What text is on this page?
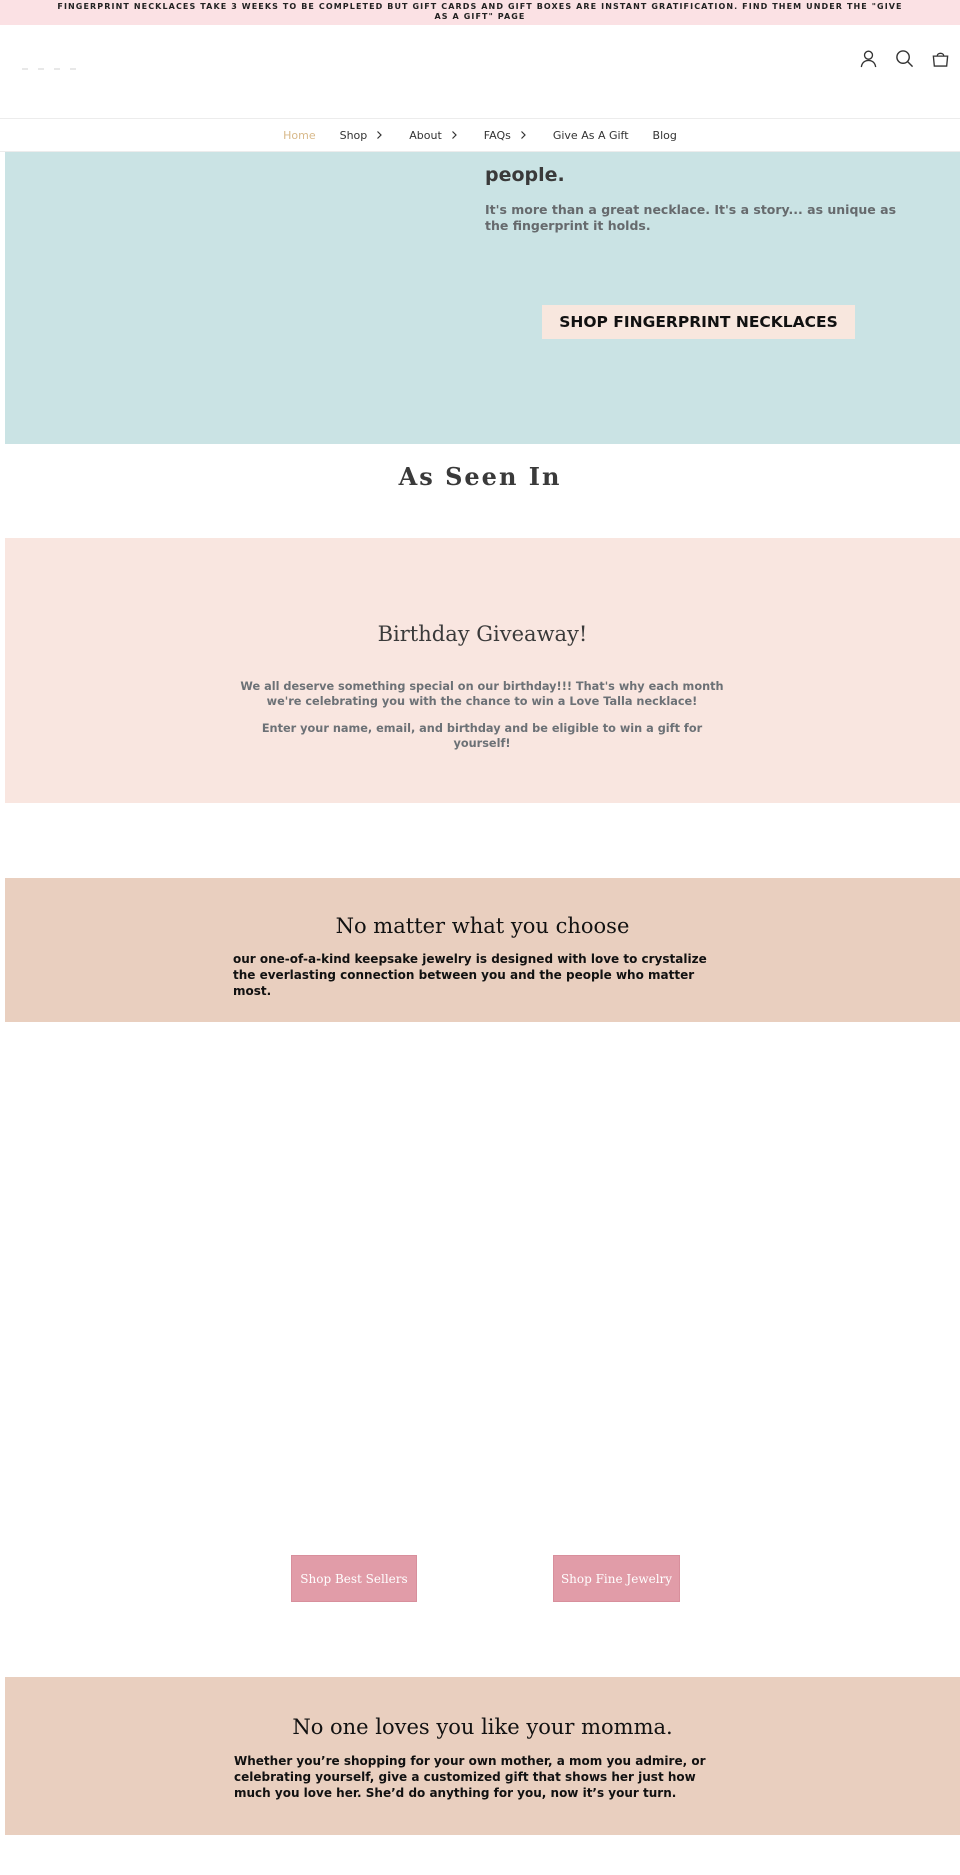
FINGERPRINT NECKLACES TAKE 3 WEEKS TO BE COMPLETED BUT GIFT CARDS AND GIFT BOXES ARE INSTANT GRATIFICATION. FIND THEM UNDER THE "GIVE AS A GIFT" PAGE
Home Shop	About	FAQs	Give As A Gift Blog
people.
It's more than a great necklace. It's a story... as unique as the fingerprint it holds.
SHOP FINGERPRINT NECKLACES
As Seen In
Birthday Giveaway!
We all deserve something special on our birthday!!! That's why each month we're celebrating you with the chance to win a Love Talla necklace!
Enter your name, email, and birthday and be eligible to win a gift for yourself!
No matter what you choose
our one-of-a-kind keepsake jewelry is designed with love to crystalize the everlasting connection between you and the people who matter most.
Shop Best Sellers	Shop Fine Jewelry
No one loves you like your momma.
Whether you’re shopping for your own mother, a mom you admire, or celebrating yourself, give a customized gift that shows her just how much you love her. She’d do anything for you, now it’s your turn.
